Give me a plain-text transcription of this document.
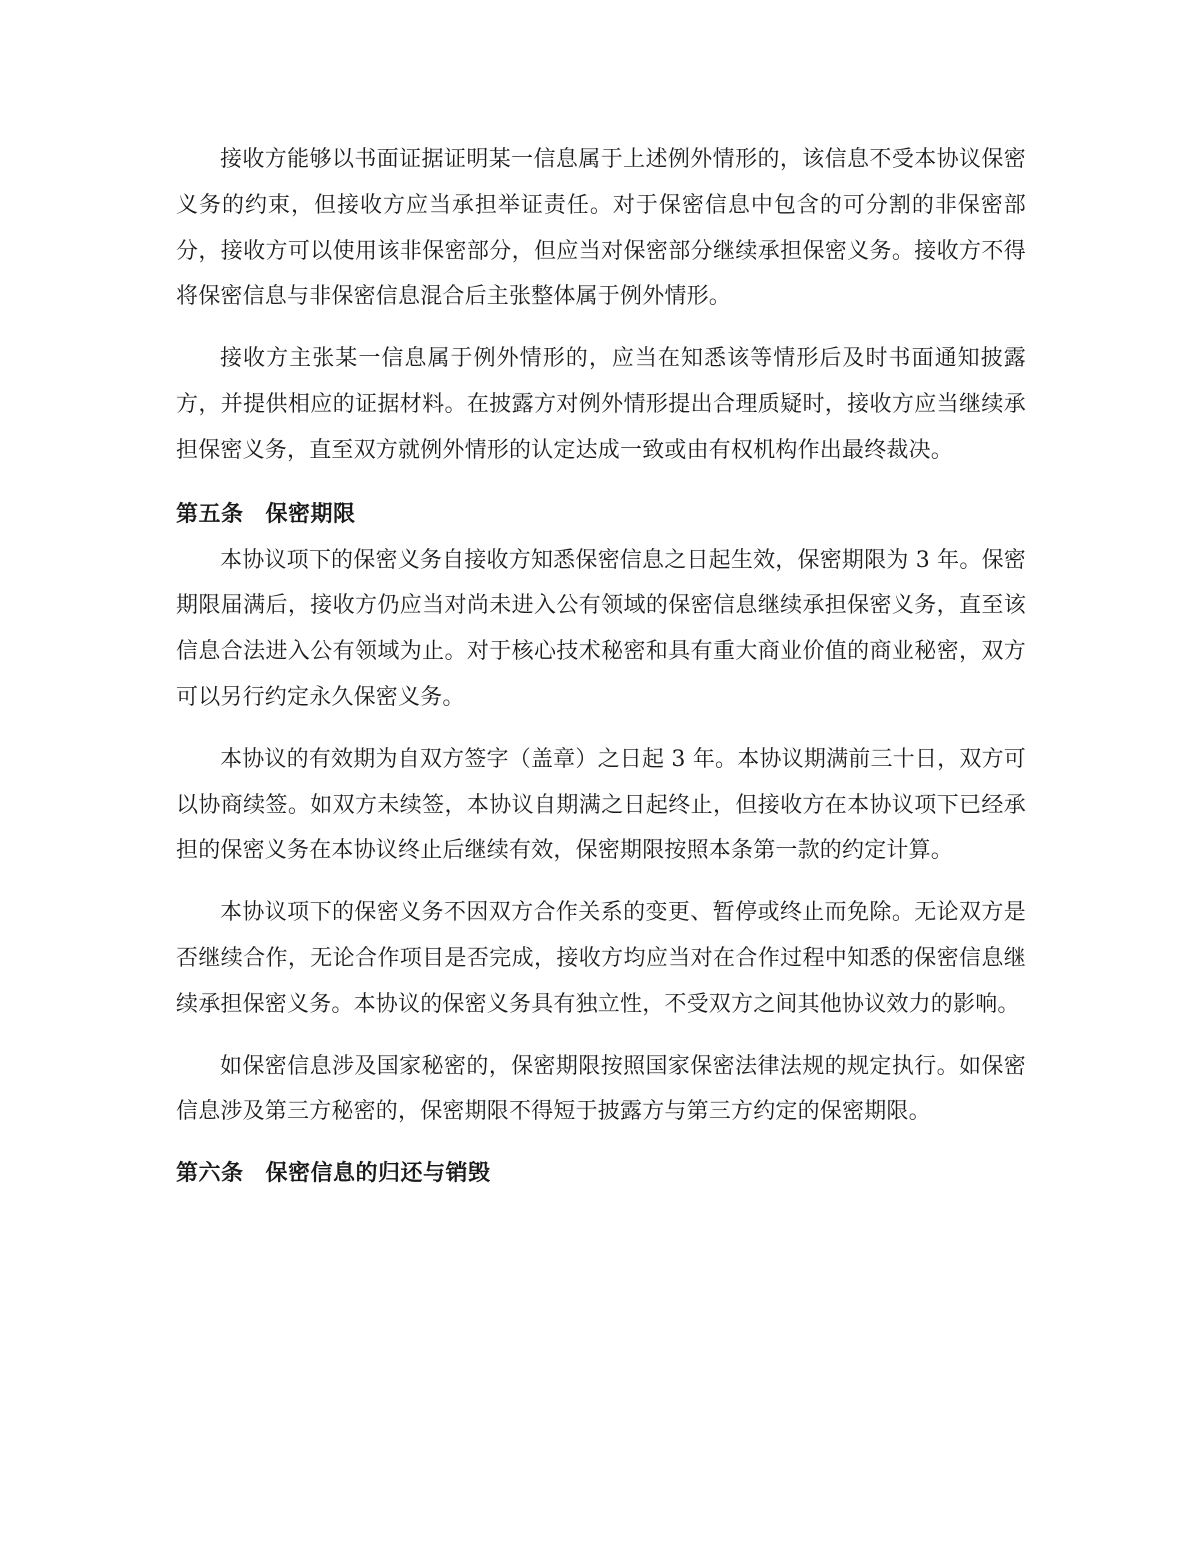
接收方能够以书面证据证明某一信息属于上述例外情形的，该信息不受本协议保密义务的约束，但接收方应当承担举证责任。对于保密信息中包含的可分割的非保密部分，接收方可以使用该非保密部分，但应当对保密部分继续承担保密义务。接收方不得将保密信息与非保密信息混合后主张整体属于例外情形。

接收方主张某一信息属于例外情形的，应当在知悉该等情形后及时书面通知披露方，并提供相应的证据材料。在披露方对例外情形提出合理质疑时，接收方应当继续承担保密义务，直至双方就例外情形的认定达成一致或由有权机构作出最终裁决。

第五条 保密期限

本协议项下的保密义务自接收方知悉保密信息之日起生效，保密期限为 3 年。保密期限届满后，接收方仍应当对尚未进入公有领域的保密信息继续承担保密义务，直至该信息合法进入公有领域为止。对于核心技术秘密和具有重大商业价值的商业秘密，双方可以另行约定永久保密义务。

本协议的有效期为自双方签字（盖章）之日起 3 年。本协议期满前三十日，双方可以协商续签。如双方未续签，本协议自期满之日起终止，但接收方在本协议项下已经承担的保密义务在本协议终止后继续有效，保密期限按照本条第一款的约定计算。

本协议项下的保密义务不因双方合作关系的变更、暂停或终止而免除。无论双方是否继续合作，无论合作项目是否完成，接收方均应当对在合作过程中知悉的保密信息继续承担保密义务。本协议的保密义务具有独立性，不受双方之间其他协议效力的影响。

如保密信息涉及国家秘密的，保密期限按照国家保密法律法规的规定执行。如保密信息涉及第三方秘密的，保密期限不得短于披露方与第三方约定的保密期限。

第六条 保密信息的归还与销毁
